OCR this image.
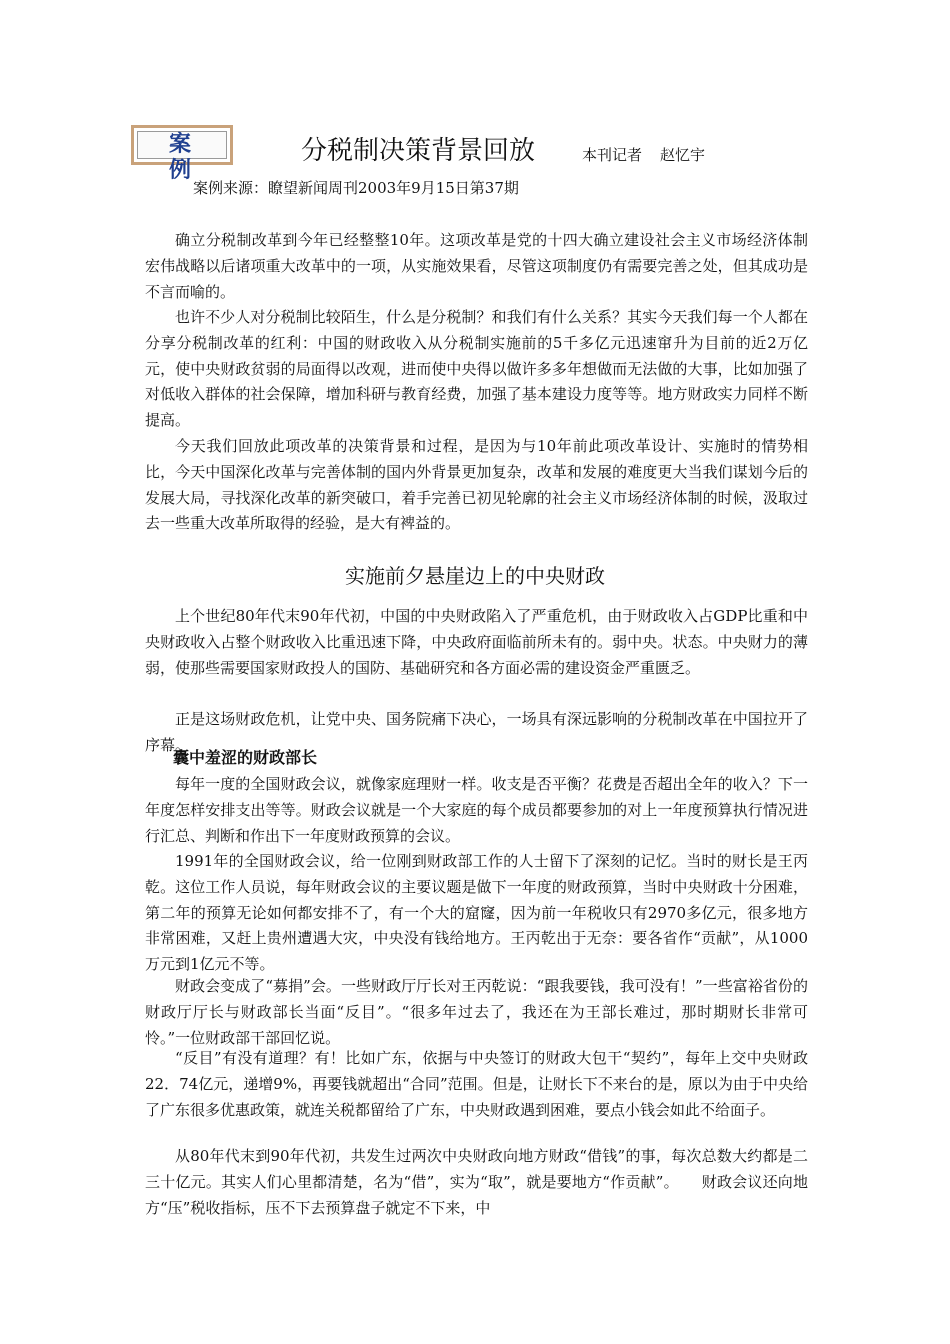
案 例
分税制决策背景回放	本刊记者 赵忆宇
案例来源：瞭望新闻周刊2003年9月15日第37期

确立分税制改革到今年已经整整10年。这项改革是党的十四大确立建设社会主义市场经济体制宏伟战略以后诸项重大改革中的一项，从实施效果看，尽管这项制度仍有需要完善之处，但其成功是不言而喻的。

也许不少人对分税制比较陌生，什么是分税制？和我们有什么关系？其实今天我们每一个人都在分享分税制改革的红利：中国的财政收入从分税制实施前的5千多亿元迅速窜升为目前的近2万亿元，使中央财政贫弱的局面得以改观，进而使中央得以做许多多年想做而无法做的大事，比如加强了对低收入群体的社会保障，增加科研与教育经费，加强了基本建设力度等等。地方财政实力同样不断提高。

今天我们回放此项改革的决策背景和过程，是因为与10年前此项改革设计、实施时的情势相比，今天中国深化改革与完善体制的国内外背景更加复杂，改革和发展的难度更大当我们谋划今后的发展大局，寻找深化改革的新突破口，着手完善已初见轮廓的社会主义市场经济体制的时候，汲取过去一些重大改革所取得的经验，是大有裨益的。

实施前夕悬崖边上的中央财政

上个世纪80年代末90年代初，中国的中央财政陷入了严重危机，由于财政收入占GDP比重和中央财政收入占整个财政收入比重迅速下降，中央政府面临前所未有的。弱中央。状态。中央财力的薄弱，使那些需要国家财政投人的国防、基础研究和各方面必需的建设资金严重匮乏。

正是这场财政危机，让党中央、国务院痛下决心，一场具有深远影响的分税制改革在中国拉开了序幕。

囊中羞涩的财政部长

每年一度的全国财政会议，就像家庭理财一样。收支是否平衡？花费是否超出全年的收入？下一年度怎样安排支出等等。财政会议就是一个大家庭的每个成员都要参加的对上一年度预算执行情况进行汇总、判断和作出下一年度财政预算的会议。

1991年的全国财政会议，给一位刚到财政部工作的人士留下了深刻的记忆。当时的财长是王丙乾。这位工作人员说，每年财政会议的主要议题是做下一年度的财政预算，当时中央财政十分困难，第二年的预算无论如何都安排不了，有一个大的窟窿，因为前一年税收只有2970多亿元，很多地方非常困难，又赶上贵州遭遇大灾，中央没有钱给地方。王丙乾出于无奈：要各省作“贡献”，从1000万元到1亿元不等。

财政会变成了“募捐”会。一些财政厅厅长对王丙乾说：“跟我要钱，我可没有！”一些富裕省份的财政厅厅长与财政部长当面“反目”。“很多年过去了，我还在为王部长难过，那时期财长非常可怜。”一位财政部干部回忆说。

“反目”有没有道理？有！比如广东，依据与中央签订的财政大包干“契约”，每年上交中央财政22．74亿元，递增9%，再要钱就超出“合同”范围。但是，让财长下不来台的是，原以为由于中央给了广东很多优惠政策，就连关税都留给了广东，中央财政遇到困难，要点小钱会如此不给面子。

从80年代末到90年代初，共发生过两次中央财政向地方财政“借钱”的事，每次总数大约都是二三十亿元。其实人们心里都清楚，名为“借”，实为“取”，就是要地方“作贡献”。　　财政会议还向地方“压”税收指标，压不下去预算盘子就定不下来，中
